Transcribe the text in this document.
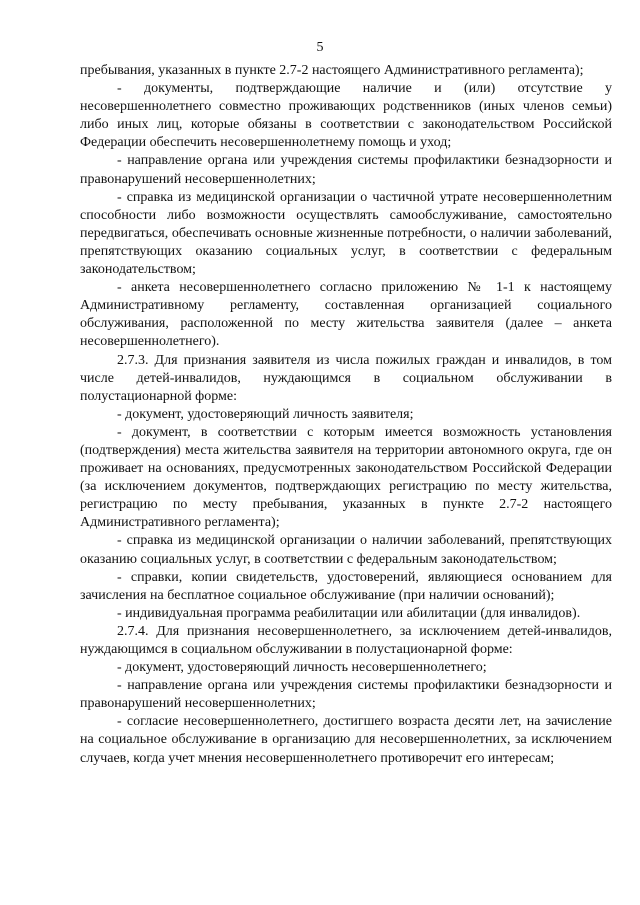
5

пребывания, указанных в пункте 2.7-2 настоящего Административного регламента);

- документы, подтверждающие наличие и (или) отсутствие у несовершеннолетнего совместно проживающих родственников (иных членов семьи) либо иных лиц, которые обязаны в соответствии с законодательством Российской Федерации обеспечить несовершеннолетнему помощь и уход;

- направление органа или учреждения системы профилактики безнадзорности и правонарушений несовершеннолетних;

- справка из медицинской организации о частичной утрате несовершеннолетним способности либо возможности осуществлять самообслуживание, самостоятельно передвигаться, обеспечивать основные жизненные потребности, о наличии заболеваний, препятствующих оказанию социальных услуг, в соответствии с федеральным законодательством;

- анкета несовершеннолетнего согласно приложению № 1-1 к настоящему Административному регламенту, составленная организацией социального обслуживания, расположенной по месту жительства заявителя (далее – анкета несовершеннолетнего).

2.7.3. Для признания заявителя из числа пожилых граждан и инвалидов, в том числе детей-инвалидов, нуждающимся в социальном обслуживании в полустационарной форме:

- документ, удостоверяющий личность заявителя;

- документ, в соответствии с которым имеется возможность установления (подтверждения) места жительства заявителя на территории автономного округа, где он проживает на основаниях, предусмотренных законодательством Российской Федерации (за исключением документов, подтверждающих регистрацию по месту жительства, регистрацию по месту пребывания, указанных в пункте 2.7-2 настоящего Административного регламента);

- справка из медицинской организации о наличии заболеваний, препятствующих оказанию социальных услуг, в соответствии с федеральным законодательством;

- справки, копии свидетельств, удостоверений, являющиеся основанием для зачисления на бесплатное социальное обслуживание (при наличии оснований);

- индивидуальная программа реабилитации или абилитации (для инвалидов).

2.7.4. Для признания несовершеннолетнего, за исключением детей-инвалидов, нуждающимся в социальном обслуживании в полустационарной форме:

- документ, удостоверяющий личность несовершеннолетнего;

- направление органа или учреждения системы профилактики безнадзорности и правонарушений несовершеннолетних;

- согласие несовершеннолетнего, достигшего возраста десяти лет, на зачисление на социальное обслуживание в организацию для несовершеннолетних, за исключением случаев, когда учет мнения несовершеннолетнего противоречит его интересам;
